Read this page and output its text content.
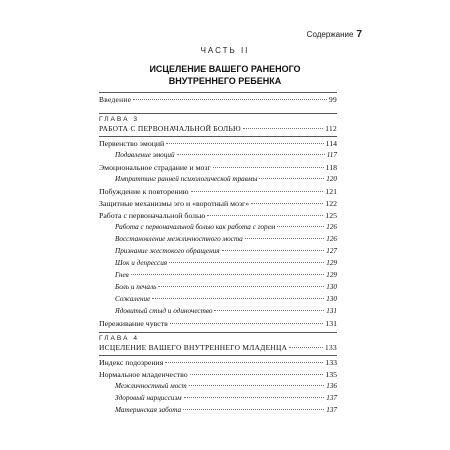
Содержание 7
ЧАСТЬ II
ИСЦЕЛЕНИЕ ВАШЕГО РАНЕНОГО
ВНУТРЕННЕГО РЕБЕНКА
Введение	99
ГЛАВА 3
РАБОТА С ПЕРВОНАЧАЛЬНОЙ БОЛЬЮ	112
Первенство эмоций	114
Подавление эмоций	117
Эмоциональное страдание и мозг	118
Имприттинг ранней психологической травмы	120
Побуждение к повторению	121
Защитные механизмы эго и «воротный мозг»	122
Работа с первоначальной болью	125
Работа с первоначальной болью как работа с горем	126
Восстановление межличностного моста	126
Признание жестокого обращения	127
Шок и депрессия	129
Гнев	129
Боль и печаль	130
Сожаление	130
Ядовитый стыд и одиночество	131
Переживание чувств	131
ГЛАВА 4
ИСЦЕЛЕНИЕ ВАШЕГО ВНУТРЕННЕГО МЛАДЕНЦА	133
Индекс подозрения	133
Нормальное младенчество	135
Межличностный мост	136
Здоровый нарциссизм	137
Материнская забота	137
